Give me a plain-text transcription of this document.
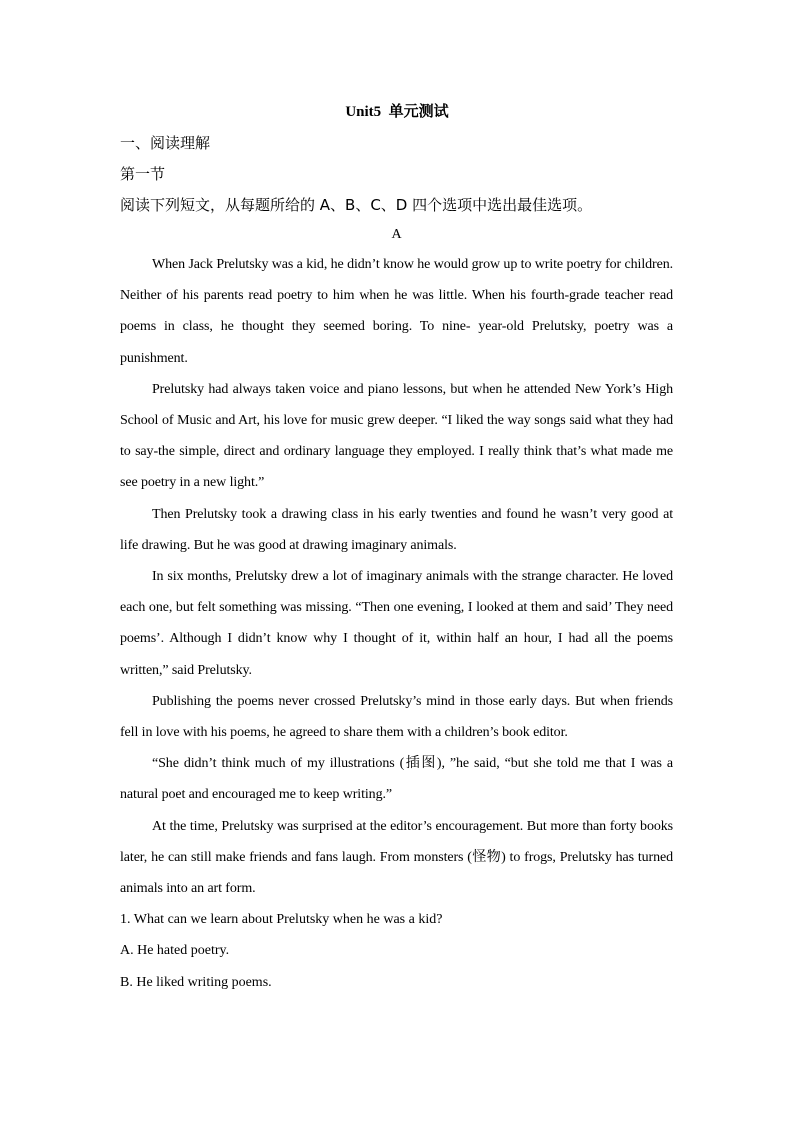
Unit5  单元测试
一、阅读理解
第一节
阅读下列短文，从每题所给的 A、B、C、D 四个选项中选出最佳选项。
A

When Jack Prelutsky was a kid, he didn’t know he would grow up to write poetry for children. Neither of his parents read poetry to him when he was little. When his fourth-grade teacher read poems in class, he thought they seemed boring. To nine- year-old Prelutsky, poetry was a punishment.

Prelutsky had always taken voice and piano lessons, but when he attended New York’s High School of Music and Art, his love for music grew deeper. “I liked the way songs said what they had to say-the simple, direct and ordinary language they employed. I really think that’s what made me see poetry in a new light.”

Then Prelutsky took a drawing class in his early twenties and found he wasn’t very good at life drawing. But he was good at drawing imaginary animals.

In six months, Prelutsky drew a lot of imaginary animals with the strange character. He loved each one, but felt something was missing. “Then one evening, I looked at them and said’ They need poems’. Although I didn’t know why I thought of it, within half an hour, I had all the poems written,” said Prelutsky.

Publishing the poems never crossed Prelutsky’s mind in those early days. But when friends fell in love with his poems, he agreed to share them with a children’s book editor.

“She didn’t think much of my illustrations (插图), ”he said, “but she told me that I was a natural poet and encouraged me to keep writing.”

At the time, Prelutsky was surprised at the editor’s encouragement. But more than forty books later, he can still make friends and fans laugh. From monsters (怪物) to frogs, Prelutsky has turned animals into an art form.

1. What can we learn about Prelutsky when he was a kid?
A. He hated poetry.
B. He liked writing poems.
